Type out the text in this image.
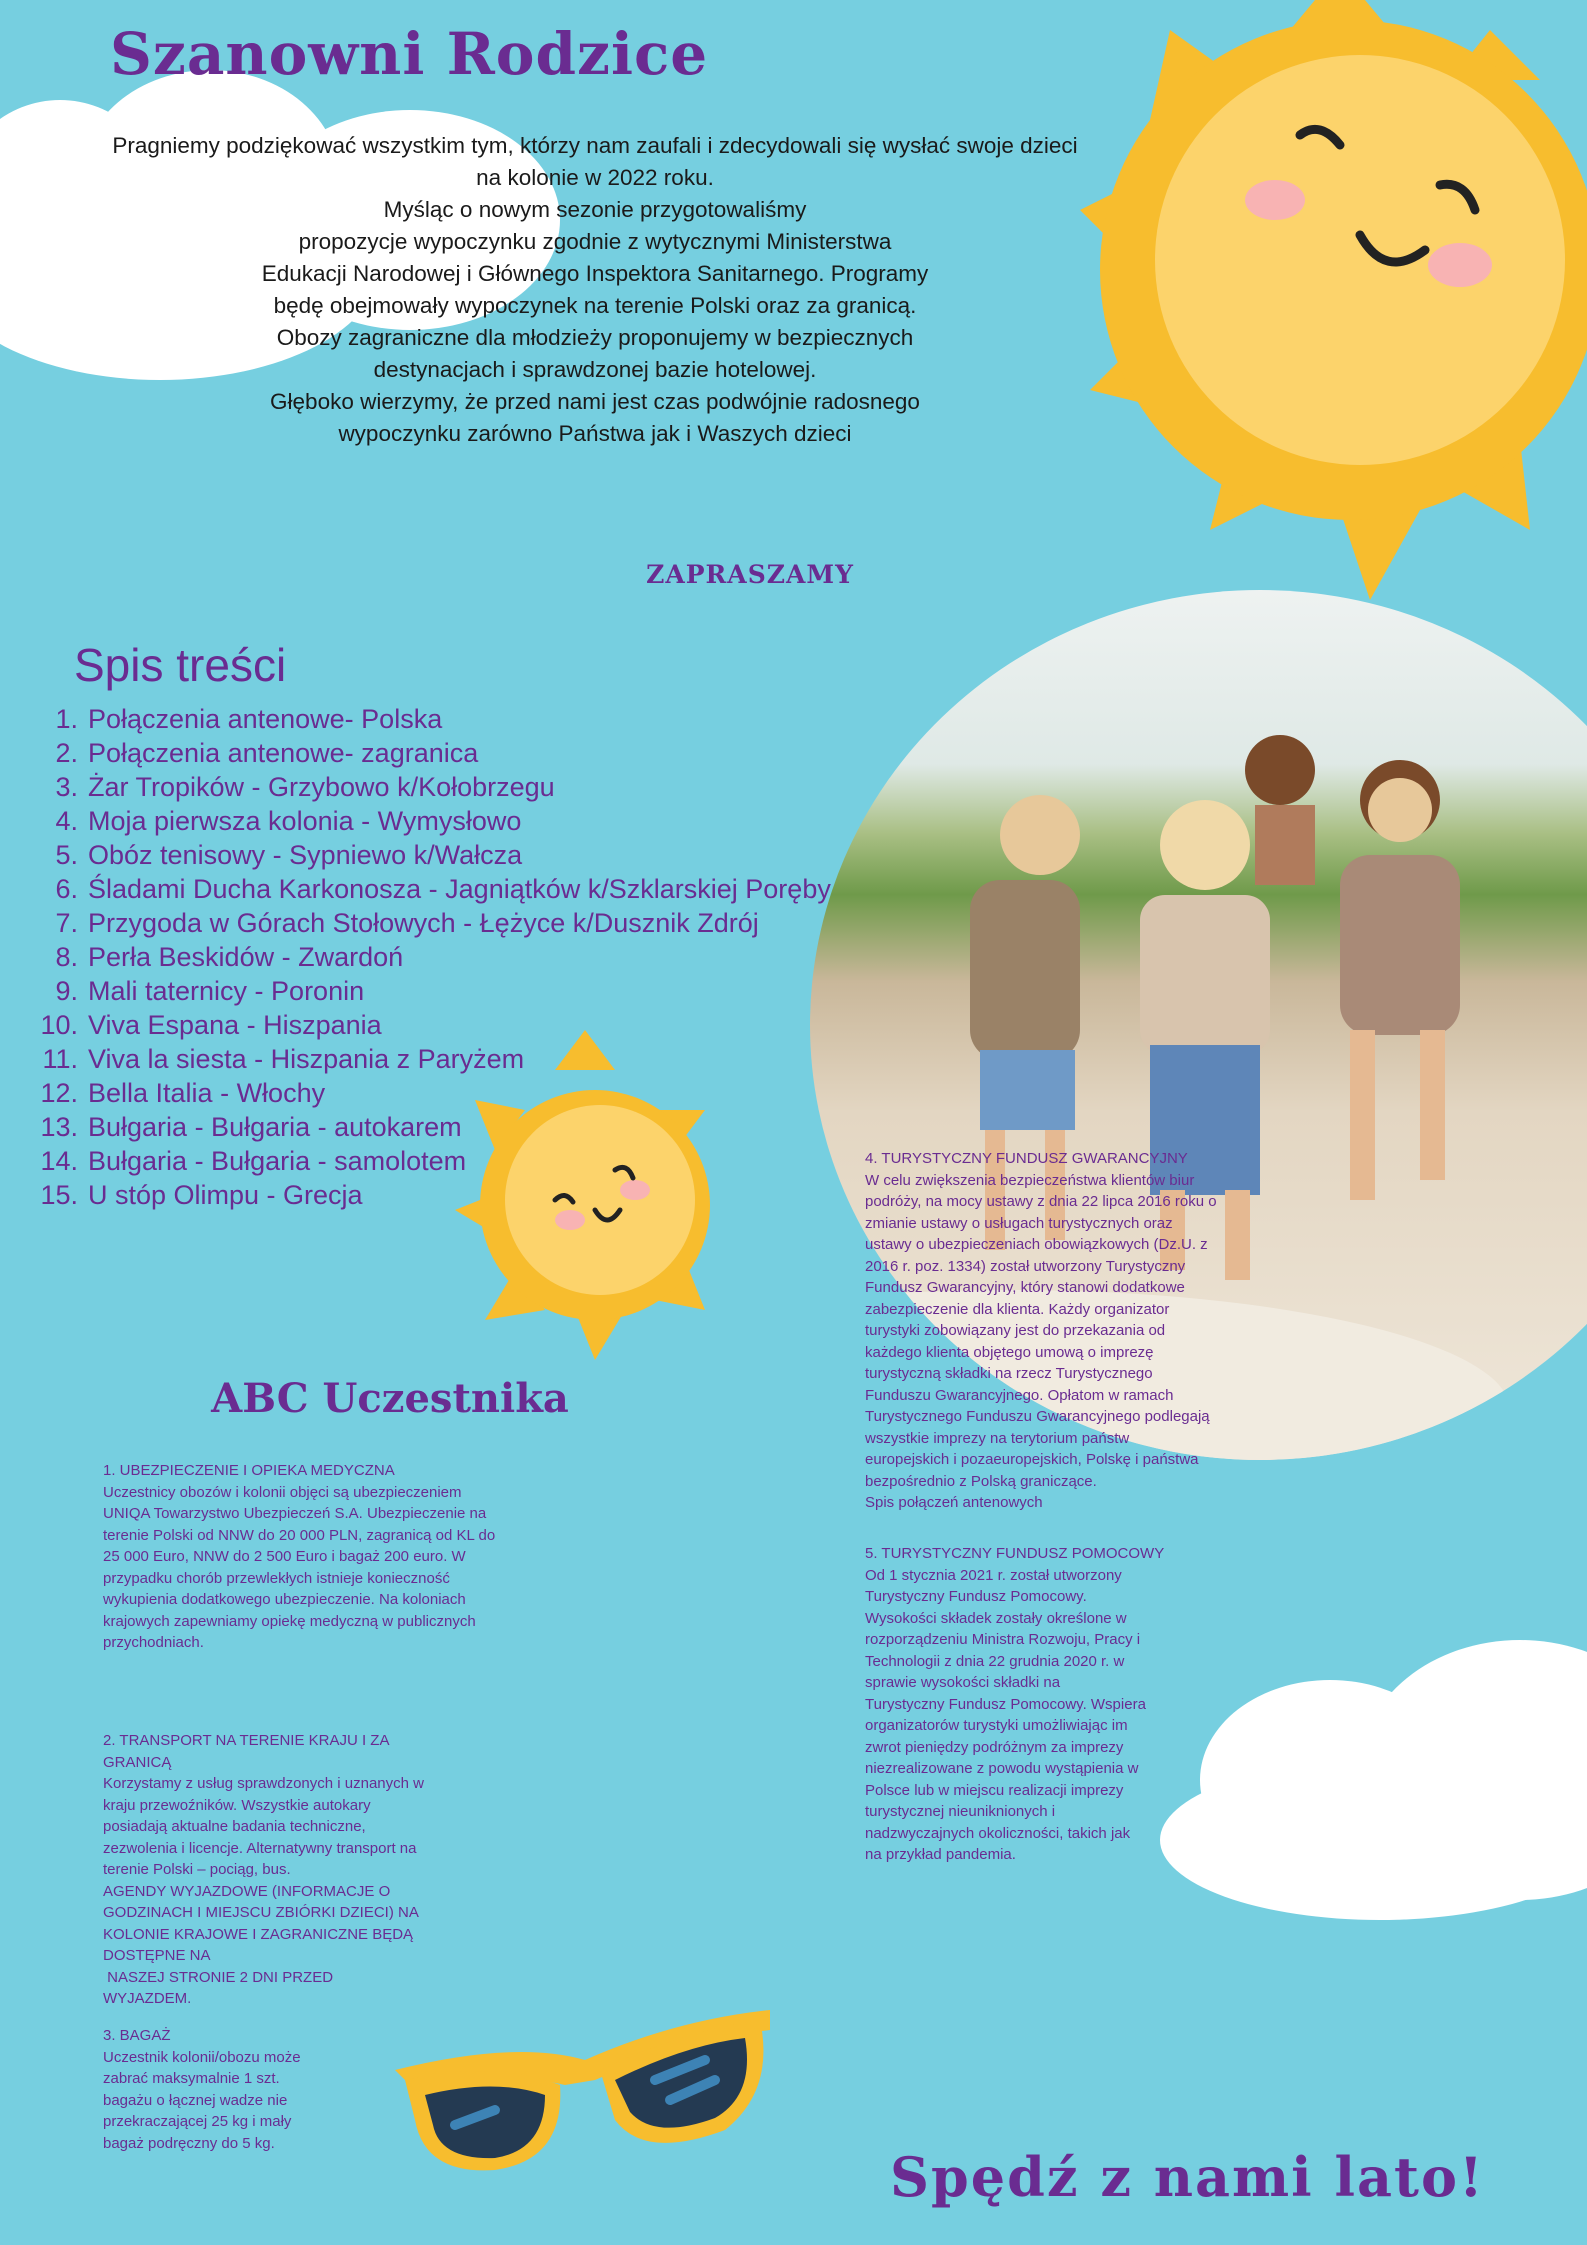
Szanowni Rodzice

Pragniemy podziękować wszystkim tym, którzy nam zaufali i zdecydowali się wysłać swoje dzieci

na kolonie w 2022 roku.

Myśląc o nowym sezonie przygotowaliśmy

propozycje wypoczynku zgodnie z wytycznymi Ministerstwa

Edukacji Narodowej i Głównego Inspektora Sanitarnego. Programy

będę obejmowały wypoczynek na terenie Polski oraz za granicą.

Obozy zagraniczne dla młodzieży proponujemy w bezpiecznych

destynacjach i sprawdzonej bazie hotelowej.

Głęboko wierzymy, że przed nami jest czas podwójnie radosnego

wypoczynku zarówno Państwa jak i Waszych dzieci

ZAPRASZAMY
Spis treści
1. Połączenia antenowe- Polska
2. Połączenia antenowe- zagranica
3. Żar Tropików - Grzybowo k/Kołobrzegu
4. Moja pierwsza kolonia - Wymysłowo
5. Obóz tenisowy - Sypniewo k/Wałcza
6. Śladami Ducha Karkonosza - Jagniątków k/Szklarskiej Poręby
7. Przygoda w Górach Stołowych - Łężyce k/Dusznik Zdrój
8. Perła Beskidów - Zwardoń
9. Mali taternicy - Poronin
10. Viva Espana - Hiszpania
11. Viva la siesta - Hiszpania z Paryżem
12. Bella Italia - Włochy
13. Bułgaria - Bułgaria - autokarem
14. Bułgaria - Bułgaria - samolotem
15. U stóp Olimpu - Grecja
ABC Uczestnika

1. UBEZPIECZENIE I OPIEKA MEDYCZNA

Uczestnicy obozów i kolonii objęci są ubezpieczeniem

UNIQA Towarzystwo Ubezpieczeń S.A. Ubezpieczenie na

terenie Polski od NNW do 20 000 PLN, zagranicą od KL do

25 000 Euro, NNW do 2 500 Euro i bagaż 200 euro. W

przypadku chorób przewlekłych istnieje konieczność

wykupienia dodatkowego ubezpieczenie. Na koloniach

krajowych zapewniamy opiekę medyczną w publicznych

przychodniach.

2. TRANSPORT NA TERENIE KRAJU I ZA

GRANICĄ

Korzystamy z usług sprawdzonych i uznanych w

kraju przewoźników. Wszystkie autokary

posiadają aktualne badania techniczne,

zezwolenia i licencje. Alternatywny transport na

terenie Polski – pociąg, bus.

AGENDY WYJAZDOWE (INFORMACJE O

GODZINACH I MIEJSCU ZBIÓRKI DZIECI) NA

KOLONIE KRAJOWE I ZAGRANICZNE BĘDĄ

DOSTĘPNE NA

NASZEJ STRONIE 2 DNI PRZED

WYJAZDEM.

3. BAGAŻ

Uczestnik kolonii/obozu może

zabrać maksymalnie 1 szt.

bagażu o łącznej wadze nie

przekraczającej 25 kg i mały

bagaż podręczny do 5 kg.

4. TURYSTYCZNY FUNDUSZ GWARANCYJNY

W celu zwiększenia bezpieczeństwa klientów biur

podróży, na mocy ustawy z dnia 22 lipca 2016 roku o

zmianie ustawy o usługach turystycznych oraz

ustawy o ubezpieczeniach obowiązkowych (Dz.U. z

2016 r. poz. 1334) został utworzony Turystyczny

Fundusz Gwarancyjny, który stanowi dodatkowe

zabezpieczenie dla klienta. Każdy organizator

turystyki zobowiązany jest do przekazania od

każdego klienta objętego umową o imprezę

turystyczną składki na rzecz Turystycznego

Funduszu Gwarancyjnego. Opłatom w ramach

Turystycznego Funduszu Gwarancyjnego podlegają

wszystkie imprezy na terytorium państw

europejskich i pozaeuropejskich, Polskę i państwa

bezpośrednio z Polską graniczące.

Spis połączeń antenowych

5. TURYSTYCZNY FUNDUSZ POMOCOWY

Od 1 stycznia 2021 r. został utworzony

Turystyczny Fundusz Pomocowy.

Wysokości składek zostały określone w

rozporządzeniu Ministra Rozwoju, Pracy i

Technologii z dnia 22 grudnia 2020 r. w

sprawie wysokości składki na

Turystyczny Fundusz Pomocowy. Wspiera

organizatorów turystyki umożliwiając im

zwrot pieniędzy podróżnym za imprezy

niezrealizowane z powodu wystąpienia w

Polsce lub w miejscu realizacji imprezy

turystycznej nieuniknionych i

nadzwyczajnych okoliczności, takich jak

na przykład pandemia.

Spędź z nami lato!
